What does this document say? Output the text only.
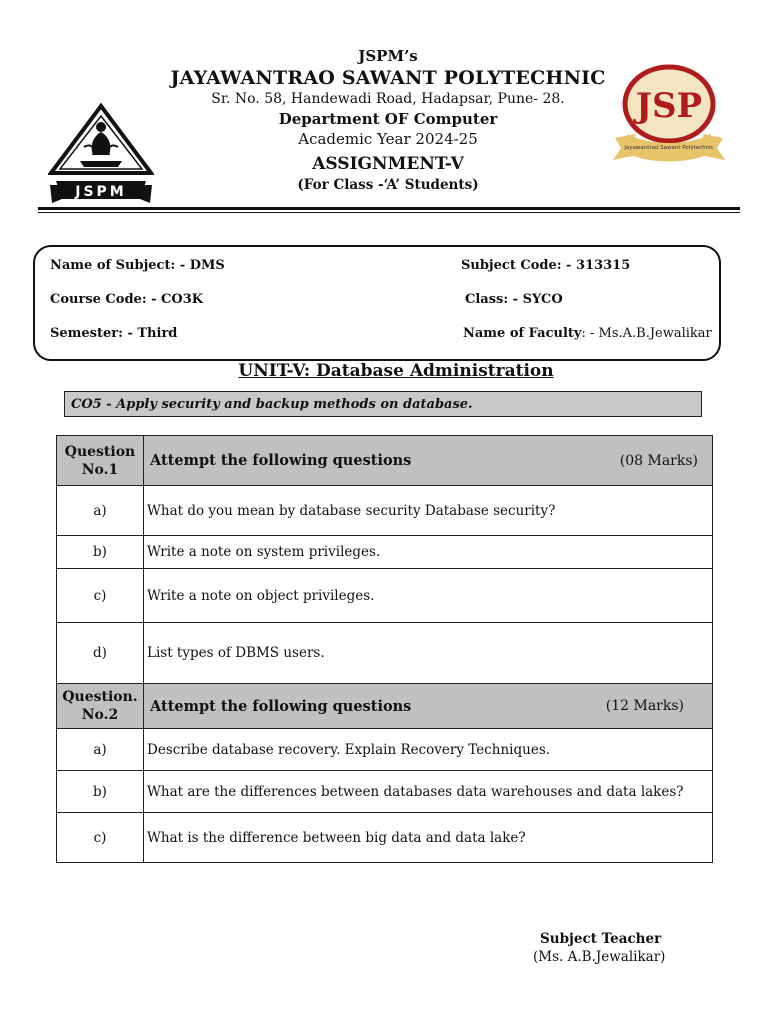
JSPM
JSP
Jayawantrao Sawant Polytechnic
JSPM’s
JAYAWANTRAO SAWANT POLYTECHNIC
Sr. No. 58, Handewadi Road, Hadapsar, Pune- 28.
Department OF Computer
Academic Year 2024-25
ASSIGNMENT-V
(For Class -‘A’ Students)
Name of Subject: - DMS	Subject Code: - 313315
Course Code: - CO3K	Class: - SYCO
Semester: - Third	Name of Faculty: - Ms.A.B.Jewalikar
UNIT-V: Database Administration
CO5 - Apply security and backup methods on database.
Question No.1	Attempt the following questions (08 Marks)

a)	What do you mean by database security Database security?
b)	Write a note on system privileges.
c)	Write a note on object privileges.
d)	List types of DBMS users.
Question. No.2	Attempt the following questions (12 Marks)

a)	Describe database recovery. Explain Recovery Techniques.
b)	What are the differences between databases data warehouses and data lakes?
c)	What is the difference between big data and data lake?
Subject Teacher
(Ms. A.B.Jewalikar)
